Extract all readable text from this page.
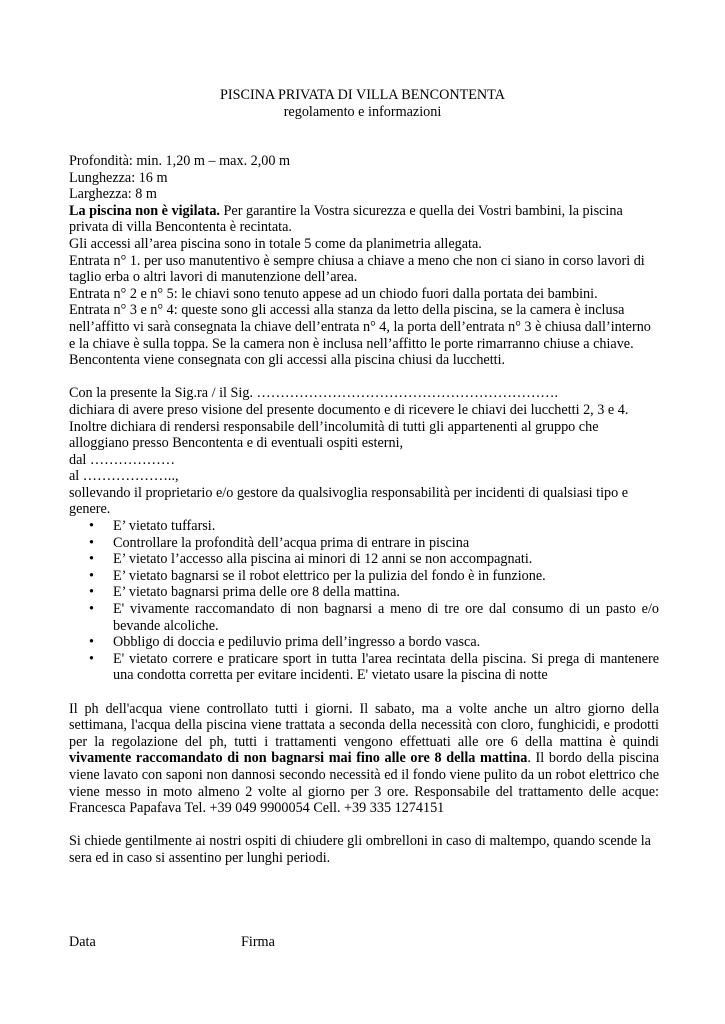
PISCINA PRIVATA DI VILLA BENCONTENTA
regolamento e informazioni

Profondità: min. 1,20 m – max. 2,00 m

Lunghezza: 16 m

Larghezza: 8 m

La piscina non è vigilata. Per garantire la Vostra sicurezza e quella dei Vostri bambini, la piscina privata di villa Bencontenta è recintata.

Gli accessi all’area piscina sono in totale 5 come da planimetria allegata.

Entrata n° 1. per uso manutentivo è sempre chiusa a chiave a meno che non ci siano in corso lavori di taglio erba o altri lavori di manutenzione dell’area.

Entrata n° 2 e n° 5: le chiavi sono tenuto appese ad un chiodo fuori dalla portata dei bambini.

Entrata n° 3 e n° 4: queste sono gli accessi alla stanza da letto della piscina, se la camera è inclusa nell’affitto vi sarà consegnata la chiave dell’entrata n° 4, la porta dell’entrata n° 3 è chiusa dall’interno e la chiave è sulla toppa. Se la camera non è inclusa nell’affitto le porte rimarranno chiuse a chiave. Bencontenta viene consegnata con gli accessi alla piscina chiusi da lucchetti.

Con la presente la Sig.ra / il Sig. ……………………………………………………….

dichiara di avere preso visione del presente documento e di ricevere le chiavi dei lucchetti 2, 3 e 4.

Inoltre dichiara di rendersi responsabile dell’incolumità di tutti gli appartenenti al gruppo che alloggiano presso Bencontenta e di eventuali ospiti esterni,

dal ………………

al ………………..,

sollevando il proprietario e/o gestore da qualsivoglia responsabilità per incidenti di qualsiasi tipo e genere.

• E’ vietato tuffarsi.
• Controllare la profondità dell’acqua prima di entrare in piscina
• E’ vietato l’accesso alla piscina ai minori di 12 anni se non accompagnati.
• E’ vietato bagnarsi se il robot elettrico per la pulizia del fondo è in funzione.
• E’ vietato bagnarsi prima delle ore 8 della mattina.
• E' vivamente raccomandato di non bagnarsi a meno di tre ore dal consumo di un pasto e/o bevande alcoliche.
• Obbligo di doccia e pediluvio prima dell’ingresso a bordo vasca.
• E' vietato correre e praticare sport in tutta l'area recintata della piscina. Si prega di mantenere una condotta corretta per evitare incidenti. E' vietato usare la piscina di notte

Il ph dell'acqua viene controllato tutti i giorni. Il sabato, ma a volte anche un altro giorno della settimana, l'acqua della piscina viene trattata a seconda della necessità con cloro, funghicidi, e prodotti per la regolazione del ph, tutti i trattamenti vengono effettuati alle ore 6 della mattina è quindi vivamente raccomandato di non bagnarsi mai fino alle ore 8 della mattina. Il bordo della piscina viene lavato con saponi non dannosi secondo necessità ed il fondo viene pulito da un robot elettrico che viene messo in moto almeno 2 volte al giorno per 3 ore. Responsabile del trattamento delle acque: Francesca Papafava Tel. +39 049 9900054 Cell. +39 335 1274151

Si chiede gentilmente ai nostri ospiti di chiudere gli ombrelloni in caso di maltempo, quando scende la sera ed in caso si assentino per lunghi periodi.

Data	Firma
